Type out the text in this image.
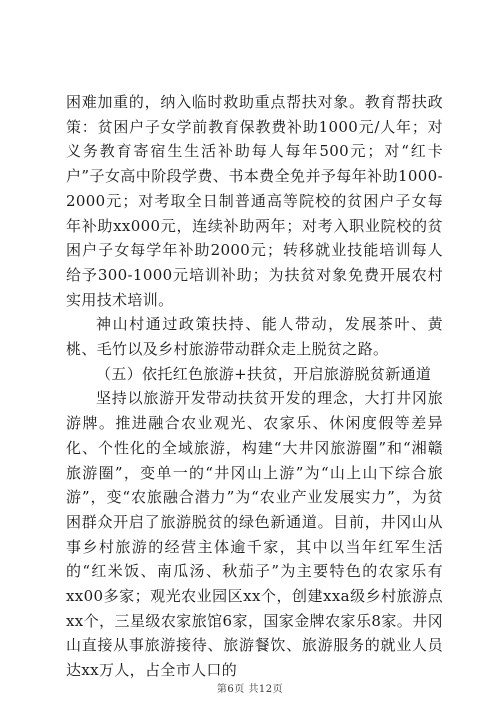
困难加重的，纳入临时救助重点帮扶对象。教育帮扶政策：贫困户子女学前教育保教费补助1000元/人年；对义务教育寄宿生生活补助每人每年500元；对“红卡户”子女高中阶段学费、书本费全免并予每年补助1000-2000元；对考取全日制普通高等院校的贫困户子女每年补助xx000元，连续补助两年；对考入职业院校的贫困户子女每学年补助2000元；转移就业技能培训每人给予300-1000元培训补助；为扶贫对象免费开展农村实用技术培训。

神山村通过政策扶持、能人带动，发展茶叶、黄桃、毛竹以及乡村旅游带动群众走上脱贫之路。

（五）依托红色旅游+扶贫，开启旅游脱贫新通道

坚持以旅游开发带动扶贫开发的理念，大打井冈旅游牌。推进融合农业观光、农家乐、休闲度假等差异化、个性化的全域旅游，构建“大井冈旅游圈”和“湘赣旅游圈”，变单一的“井冈山上游”为“山上山下综合旅游”，变“农旅融合潜力”为“农业产业发展实力”，为贫困群众开启了旅游脱贫的绿色新通道。目前，井冈山从事乡村旅游的经营主体逾千家，其中以当年红军生活的“红米饭、南瓜汤、秋茄子”为主要特色的农家乐有xx00多家；观光农业园区xx个，创建xxa级乡村旅游点xx个，三星级农家旅馆6家，国家金牌农家乐8家。井冈山直接从事旅游接待、旅游餐饮、旅游服务的就业人员达xx万人，占全市人口的

第6页 共12页
